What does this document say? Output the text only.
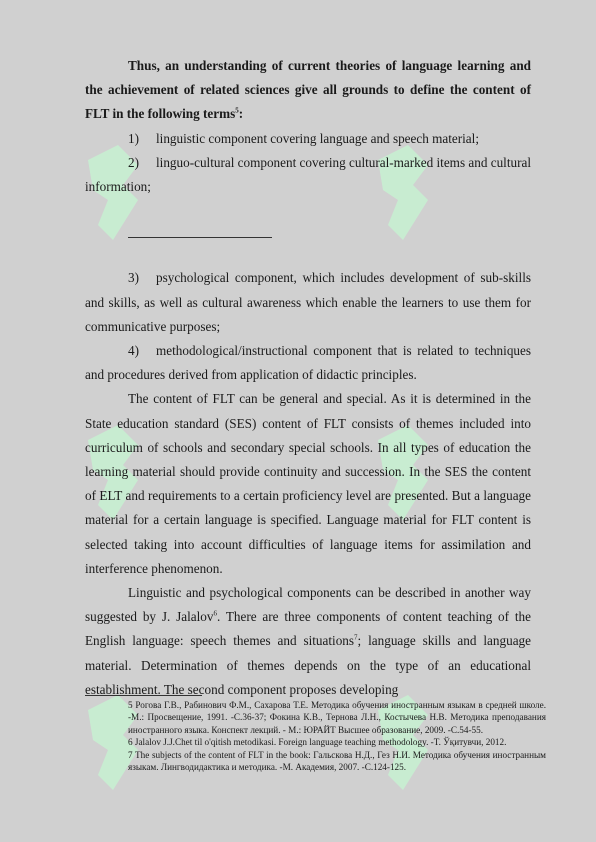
Thus, an understanding of current theories of language learning and the achievement of related sciences give all grounds to define the content of FLT in the following terms$^5$:

1) linguistic component covering language and speech material;

2) linguo-cultural component covering cultural-marked items and cultural information;

3) psychological component, which includes development of sub-skills and skills, as well as cultural awareness which enable the learners to use them for communicative purposes;

4) methodological/instructional component that is related to techniques and procedures derived from application of didactic principles.

The content of FLT can be general and special. As it is determined in the State education standard (SES) content of FLT consists of themes included into curriculum of schools and secondary special schools. In all types of education the learning material should provide continuity and succession. In the SES the content of ELT and requirements to a certain proficiency level are presented. But a language material for a certain language is specified. Language material for FLT content is selected taking into account difficulties of language items for assimilation and interference phenomenon.

Linguistic and psychological components can be described in another way suggested by J. Jalalov$^6$. There are three components of content teaching of the English language: speech themes and situations$^7$; language skills and language material. Determination of themes depends on the type of an educational establishment. The second component proposes developing

5 Рогова Г.В., Рабинович Ф.М., Сахарова Т.Е. Методика обучения иностранным языкам в средней школе. -М.: Просвещение, 1991. -С.36-37; Фокина К.В., Тернова Л.Н., Костычева Н.В. Методика преподавания иностранного языка. Конспект лекций. - М.: ЮРАЙТ Высшее образование, 2009. -С.54-55.

6 Jalalov J.J.Chet til o'qitish metodikasi. Foreign language teaching methodology. -T. Ўқитувчи, 2012.

7 The subjects of the content of FLT in the book: Гальскова Н.Д., Гез Н.И. Методика обучения иностранным языкам. Лингводидактика и методика. -М. Академия, 2007. -С.124-125.
